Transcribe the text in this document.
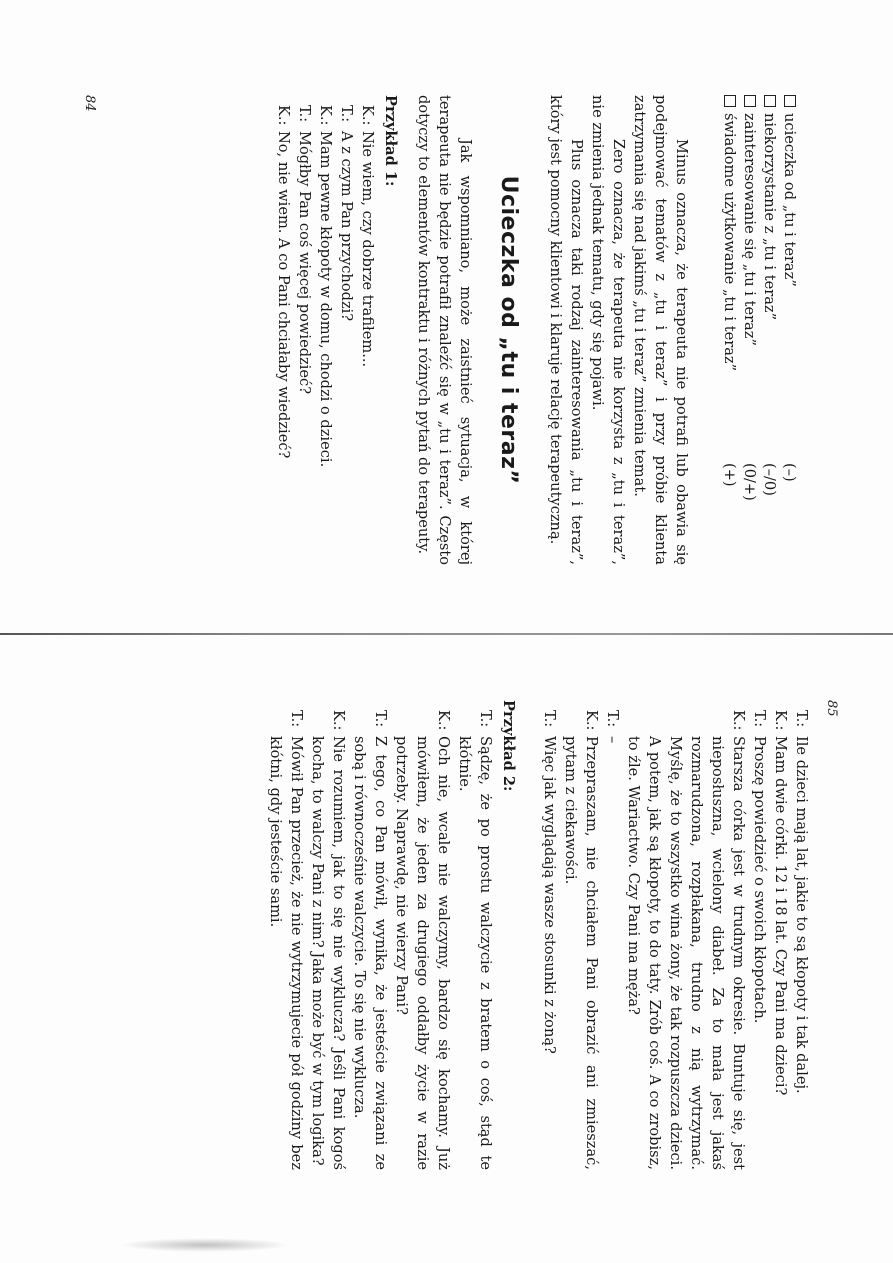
ucieczka od „tu i teraz”
(–)
niekorzystanie z „tu i teraz”
(–/0)
zainteresowanie się „tu i teraz”
(0/+)
świadome użytkowanie „tu i teraz”
(+)

Minus oznacza, że terapeuta nie potrafi lub obawia się podejmować tematów z „tu i teraz” i przy próbie klienta zatrzymania się nad jakimś „tu i teraz” zmienia temat.

Zero oznacza, że terapeuta nie korzysta z „tu i teraz”, nie zmienia jednak tematu, gdy się pojawi.

Plus oznacza taki rodzaj zainteresowania „tu i teraz”, który jest pomocny klientowi i klaruje relację terapeutyczną.

Ucieczka od „tu i teraz”

Jak wspomniano, może zaistnieć sytuacja, w której terapeuta nie będzie potrafił znaleźć się w „tu i teraz”. Często dotyczy to elementów kontraktu i różnych pytań do terapeuty.

Przykład 1:
K.:
Nie wiem, czy dobrze trafiłem...
T.:
A z czym Pan przychodzi?
K.:
Mam pewne kłopoty w domu, chodzi o dzieci.
T.:
Mógłby Pan coś więcej powiedzieć?
K.:
No, nie wiem. A co Pani chciałaby wiedzieć?
84
T.:
Ile dzieci mają lat, jakie to są kłopoty i tak dalej.
K.:
Mam dwie córki. 12 i 18 lat. Czy Pani ma dzieci?
T.:
Proszę powiedzieć o swoich kłopotach.
K.:
Starsza córka jest w trudnym okresie. Buntuje się, jest nieposłuszna, wcielony diabeł. Za to mała jest jakaś rozmarudzona, rozpłakana, trudno z nią wytrzymać. Myślę, że to wszystko wina żony, że tak rozpuszcza dzieci. A potem, jak są kłopoty, to do taty. Zrób coś. A co zrobisz, to źle. Wariactwo. Czy Pani ma męża?
T.:
–
K.:
Przepraszam, nie chciałem Pani obrazić ani zmieszać, pytam z ciekawości.
T.:
Więc jak wyglądają wasze stosunki z żoną?
Przykład 2:
T.:
Sądzę, że po prostu walczycie z bratem o coś, stąd te kłótnie.
K.:
Och nie, wcale nie walczymy, bardzo się kochamy. Już mówiłem, że jeden za drugiego oddałby życie w razie potrzeby. Naprawdę, nie wierzy Pani?
T.:
Z tego, co Pan mówił, wynika, że jesteście związani ze sobą i równocześnie walczycie. To się nie wyklucza.
K.:
Nie rozumiem, jak to się nie wyklucza? Jeśli Pani kogoś kocha, to walczy Pani z nim? Jaka może być w tym logika?
T.:
Mówił Pan przecież, że nie wytrzymujecie pół godziny bez kłótni, gdy jesteście sami.
85
